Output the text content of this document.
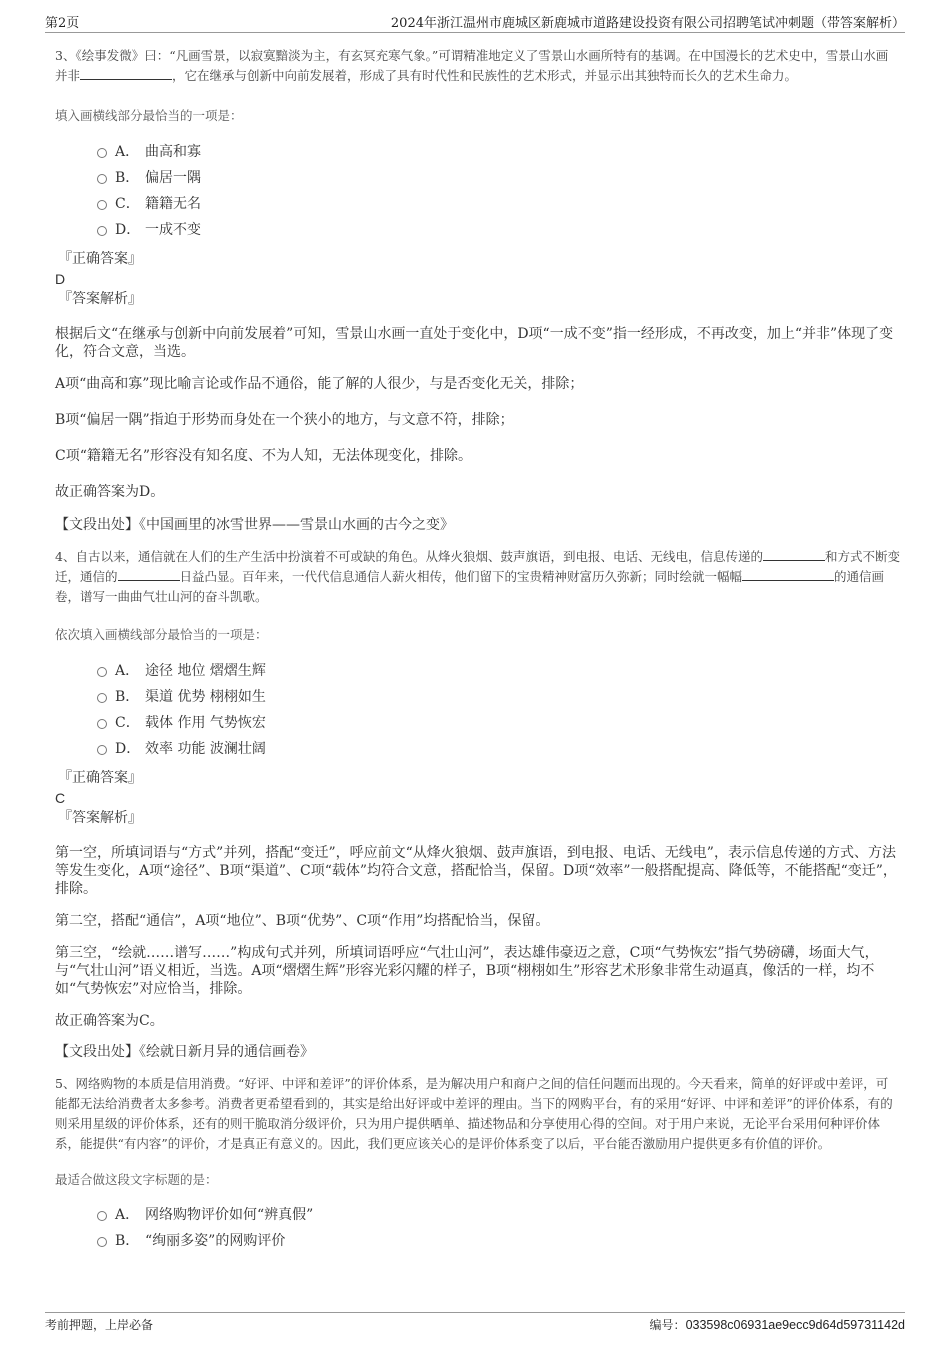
第2页	2024年浙江温州市鹿城区新鹿城市道路建设投资有限公司招聘笔试冲刺题（带答案解析）

3、《绘事发微》曰：“凡画雪景，以寂寞黯淡为主，有玄冥充寒气象。”可谓精准地定义了雪景山水画所特有的基调。在中国漫长的艺术史中，雪景山水画并非	，它在继承与创新中向前发展着，形成了具有时代性和民族性的艺术形式，并显示出其独特而长久的艺术生命力。

填入画横线部分最恰当的一项是：

A． 曲高和寡
B． 偏居一隅
C． 籍籍无名
D． 一成不变

『正确答案』

D

『答案解析』

根据后文“在继承与创新中向前发展着”可知，雪景山水画一直处于变化中，D项“一成不变”指一经形成，不再改变，加上“并非”体现了变化，符合文意，当选。

A项“曲高和寡”现比喻言论或作品不通俗，能了解的人很少，与是否变化无关，排除；

B项“偏居一隅”指迫于形势而身处在一个狭小的地方，与文意不符，排除；

C项“籍籍无名”形容没有知名度、不为人知，无法体现变化，排除。

故正确答案为D。

【文段出处】《中国画里的冰雪世界——雪景山水画的古今之变》

4、自古以来，通信就在人们的生产生活中扮演着不可或缺的角色。从烽火狼烟、鼓声旗语，到电报、电话、无线电，信息传递的	和方式不断变迁，通信的	日益凸显。百年来，一代代信息通信人薪火相传，他们留下的宝贵精神财富历久弥新；同时绘就一幅幅	的通信画卷，谱写一曲曲气壮山河的奋斗凯歌。

依次填入画横线部分最恰当的一项是：

A． 途径 地位 熠熠生辉
B． 渠道 优势 栩栩如生
C． 载体 作用 气势恢宏
D． 效率 功能 波澜壮阔

『正确答案』

C

『答案解析』

第一空，所填词语与“方式”并列，搭配“变迁”，呼应前文“从烽火狼烟、鼓声旗语，到电报、电话、无线电”，表示信息传递的方式、方法等发生变化，A项“途径”、B项“渠道”、C项“载体”均符合文意，搭配恰当，保留。D项“效率”一般搭配提高、降低等，不能搭配“变迁”，排除。

第二空，搭配“通信”，A项“地位”、B项“优势”、C项“作用”均搭配恰当，保留。

第三空，“绘就……谱写……”构成句式并列，所填词语呼应“气壮山河”，表达雄伟豪迈之意，C项“气势恢宏”指气势磅礴，场面大气，与“气壮山河”语义相近，当选。A项“熠熠生辉”形容光彩闪耀的样子，B项“栩栩如生”形容艺术形象非常生动逼真，像活的一样，均不如“气势恢宏”对应恰当，排除。

故正确答案为C。

【文段出处】《绘就日新月异的通信画卷》

5、网络购物的本质是信用消费。“好评、中评和差评”的评价体系，是为解决用户和商户之间的信任问题而出现的。今天看来，简单的好评或中差评，可能都无法给消费者太多参考。消费者更希望看到的，其实是给出好评或中差评的理由。当下的网购平台，有的采用“好评、中评和差评”的评价体系，有的则采用星级的评价体系，还有的则干脆取消分级评价，只为用户提供晒单、描述物品和分享使用心得的空间。对于用户来说，无论平台采用何种评价体系，能提供“有内容”的评价，才是真正有意义的。因此，我们更应该关心的是评价体系变了以后，平台能否激励用户提供更多有价值的评价。

最适合做这段文字标题的是：

A． 网络购物评价如何“辨真假”
B． “绚丽多姿”的网购评价
考前押题，上岸必备	编号：033598c06931ae9ecc9d64d59731142d
